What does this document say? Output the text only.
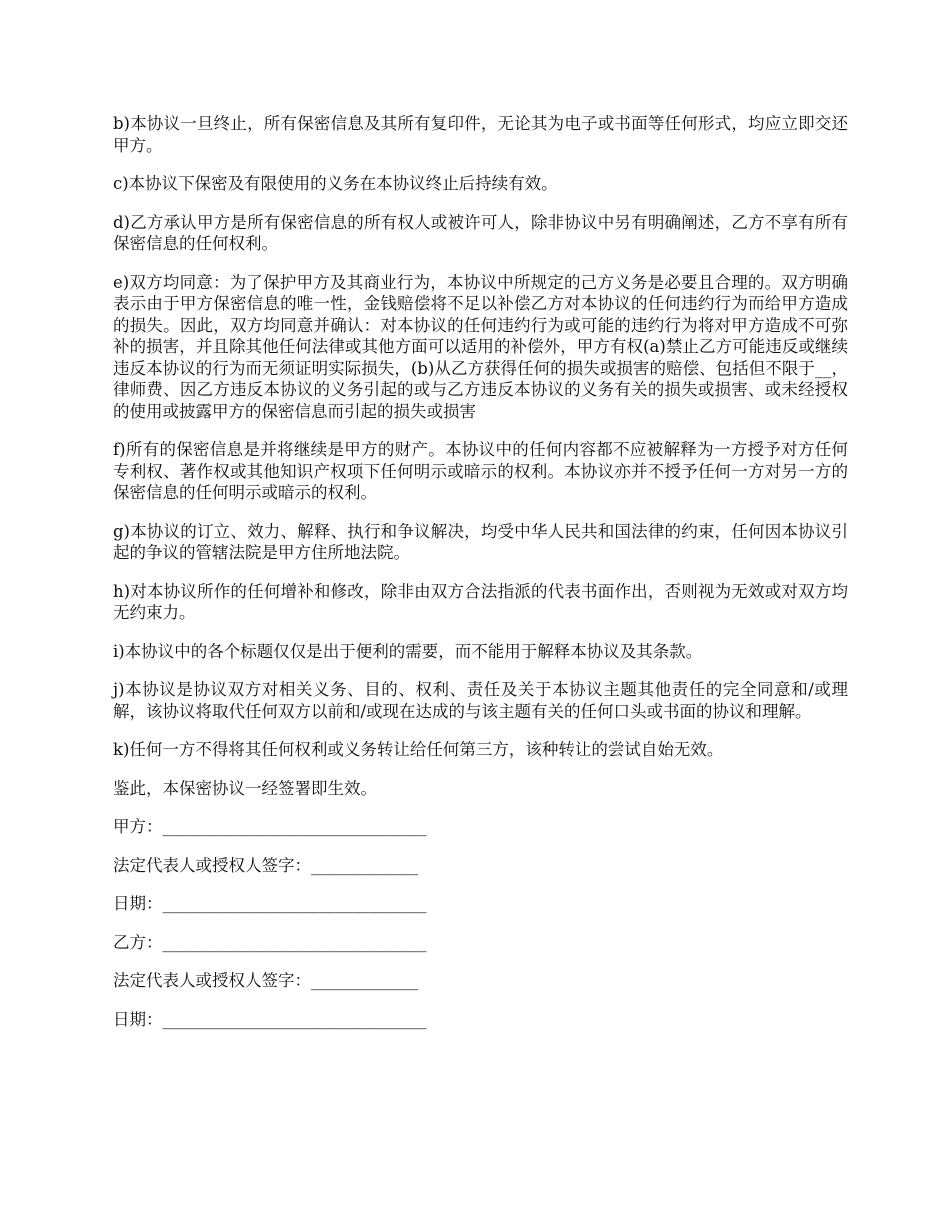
b)本协议一旦终止，所有保密信息及其所有复印件，无论其为电子或书面等任何形式，均应立即交还甲方。

c)本协议下保密及有限使用的义务在本协议终止后持续有效。

d)乙方承认甲方是所有保密信息的所有权人或被许可人，除非协议中另有明确阐述，乙方不享有所有保密信息的任何权利。

e)双方均同意：为了保护甲方及其商业行为，本协议中所规定的己方义务是必要且合理的。双方明确表示由于甲方保密信息的唯一性，金钱赔偿将不足以补偿乙方对本协议的任何违约行为而给甲方造成的损失。因此，双方均同意并确认：对本协议的任何违约行为或可能的违约行为将对甲方造成不可弥补的损害，并且除其他任何法律或其他方面可以适用的补偿外，甲方有权(a)禁止乙方可能违反或继续违反本协议的行为而无须证明实际损失，(b)从乙方获得任何的损失或损害的赔偿、包括但不限于__，律师费、因乙方违反本协议的义务引起的或与乙方违反本协议的义务有关的损失或损害、或未经授权的使用或披露甲方的保密信息而引起的损失或损害

f)所有的保密信息是并将继续是甲方的财产。本协议中的任何内容都不应被解释为一方授予对方任何专利权、著作权或其他知识产权项下任何明示或暗示的权利。本协议亦并不授予任何一方对另一方的保密信息的任何明示或暗示的权利。

g)本协议的订立、效力、解释、执行和争议解决，均受中华人民共和国法律的约束，任何因本协议引起的争议的管辖法院是甲方住所地法院。

h)对本协议所作的任何增补和修改，除非由双方合法指派的代表书面作出，否则视为无效或对双方均无约束力。

i)本协议中的各个标题仅仅是出于便利的需要，而不能用于解释本协议及其条款。

j)本协议是协议双方对相关义务、目的、权利、责任及关于本协议主题其他责任的完全同意和/或理解，该协议将取代任何双方以前和/或现在达成的与该主题有关的任何口头或书面的协议和理解。

k)任何一方不得将其任何权利或义务转让给任何第三方，该种转让的尝试自始无效。

鉴此，本保密协议一经签署即生效。

甲方：________________________________
法定代表人或授权人签字：_____________
日期：________________________________
乙方：________________________________
法定代表人或授权人签字：_____________
日期：________________________________
